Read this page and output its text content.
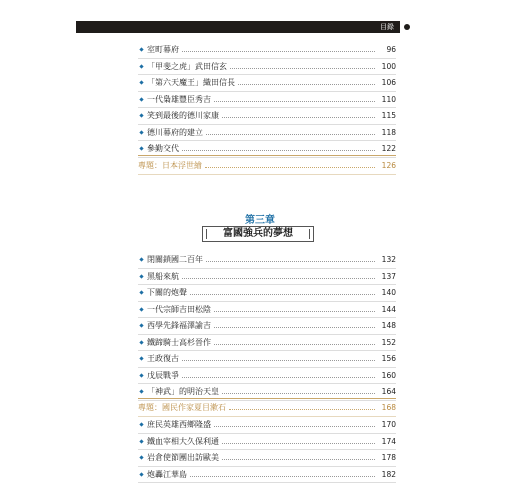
目錄
室町幕府	96
「甲斐之虎」武田信玄	100
「第六天魔王」織田信長	106
一代梟雄豐臣秀吉	110
笑到最後的德川家康	115
德川幕府的建立	118
參勤交代	122
專題：日本浮世繪	126
第三章
富國強兵的夢想
閉關鎖國二百年	132
黑船來航	137
下關的炮聲	140
一代宗師吉田松陰	144
西學先鋒福澤諭吉	148
鐵蹄騎士高杉晉作	152
王政復古	156
戊辰戰爭	160
「神武」的明治天皇	164
專題：國民作家夏目漱石	168
庶民英雄西鄉隆盛	170
鐵血宰相大久保利通	174
岩倉使節團出訪歐美	178
炮轟江華島	182
